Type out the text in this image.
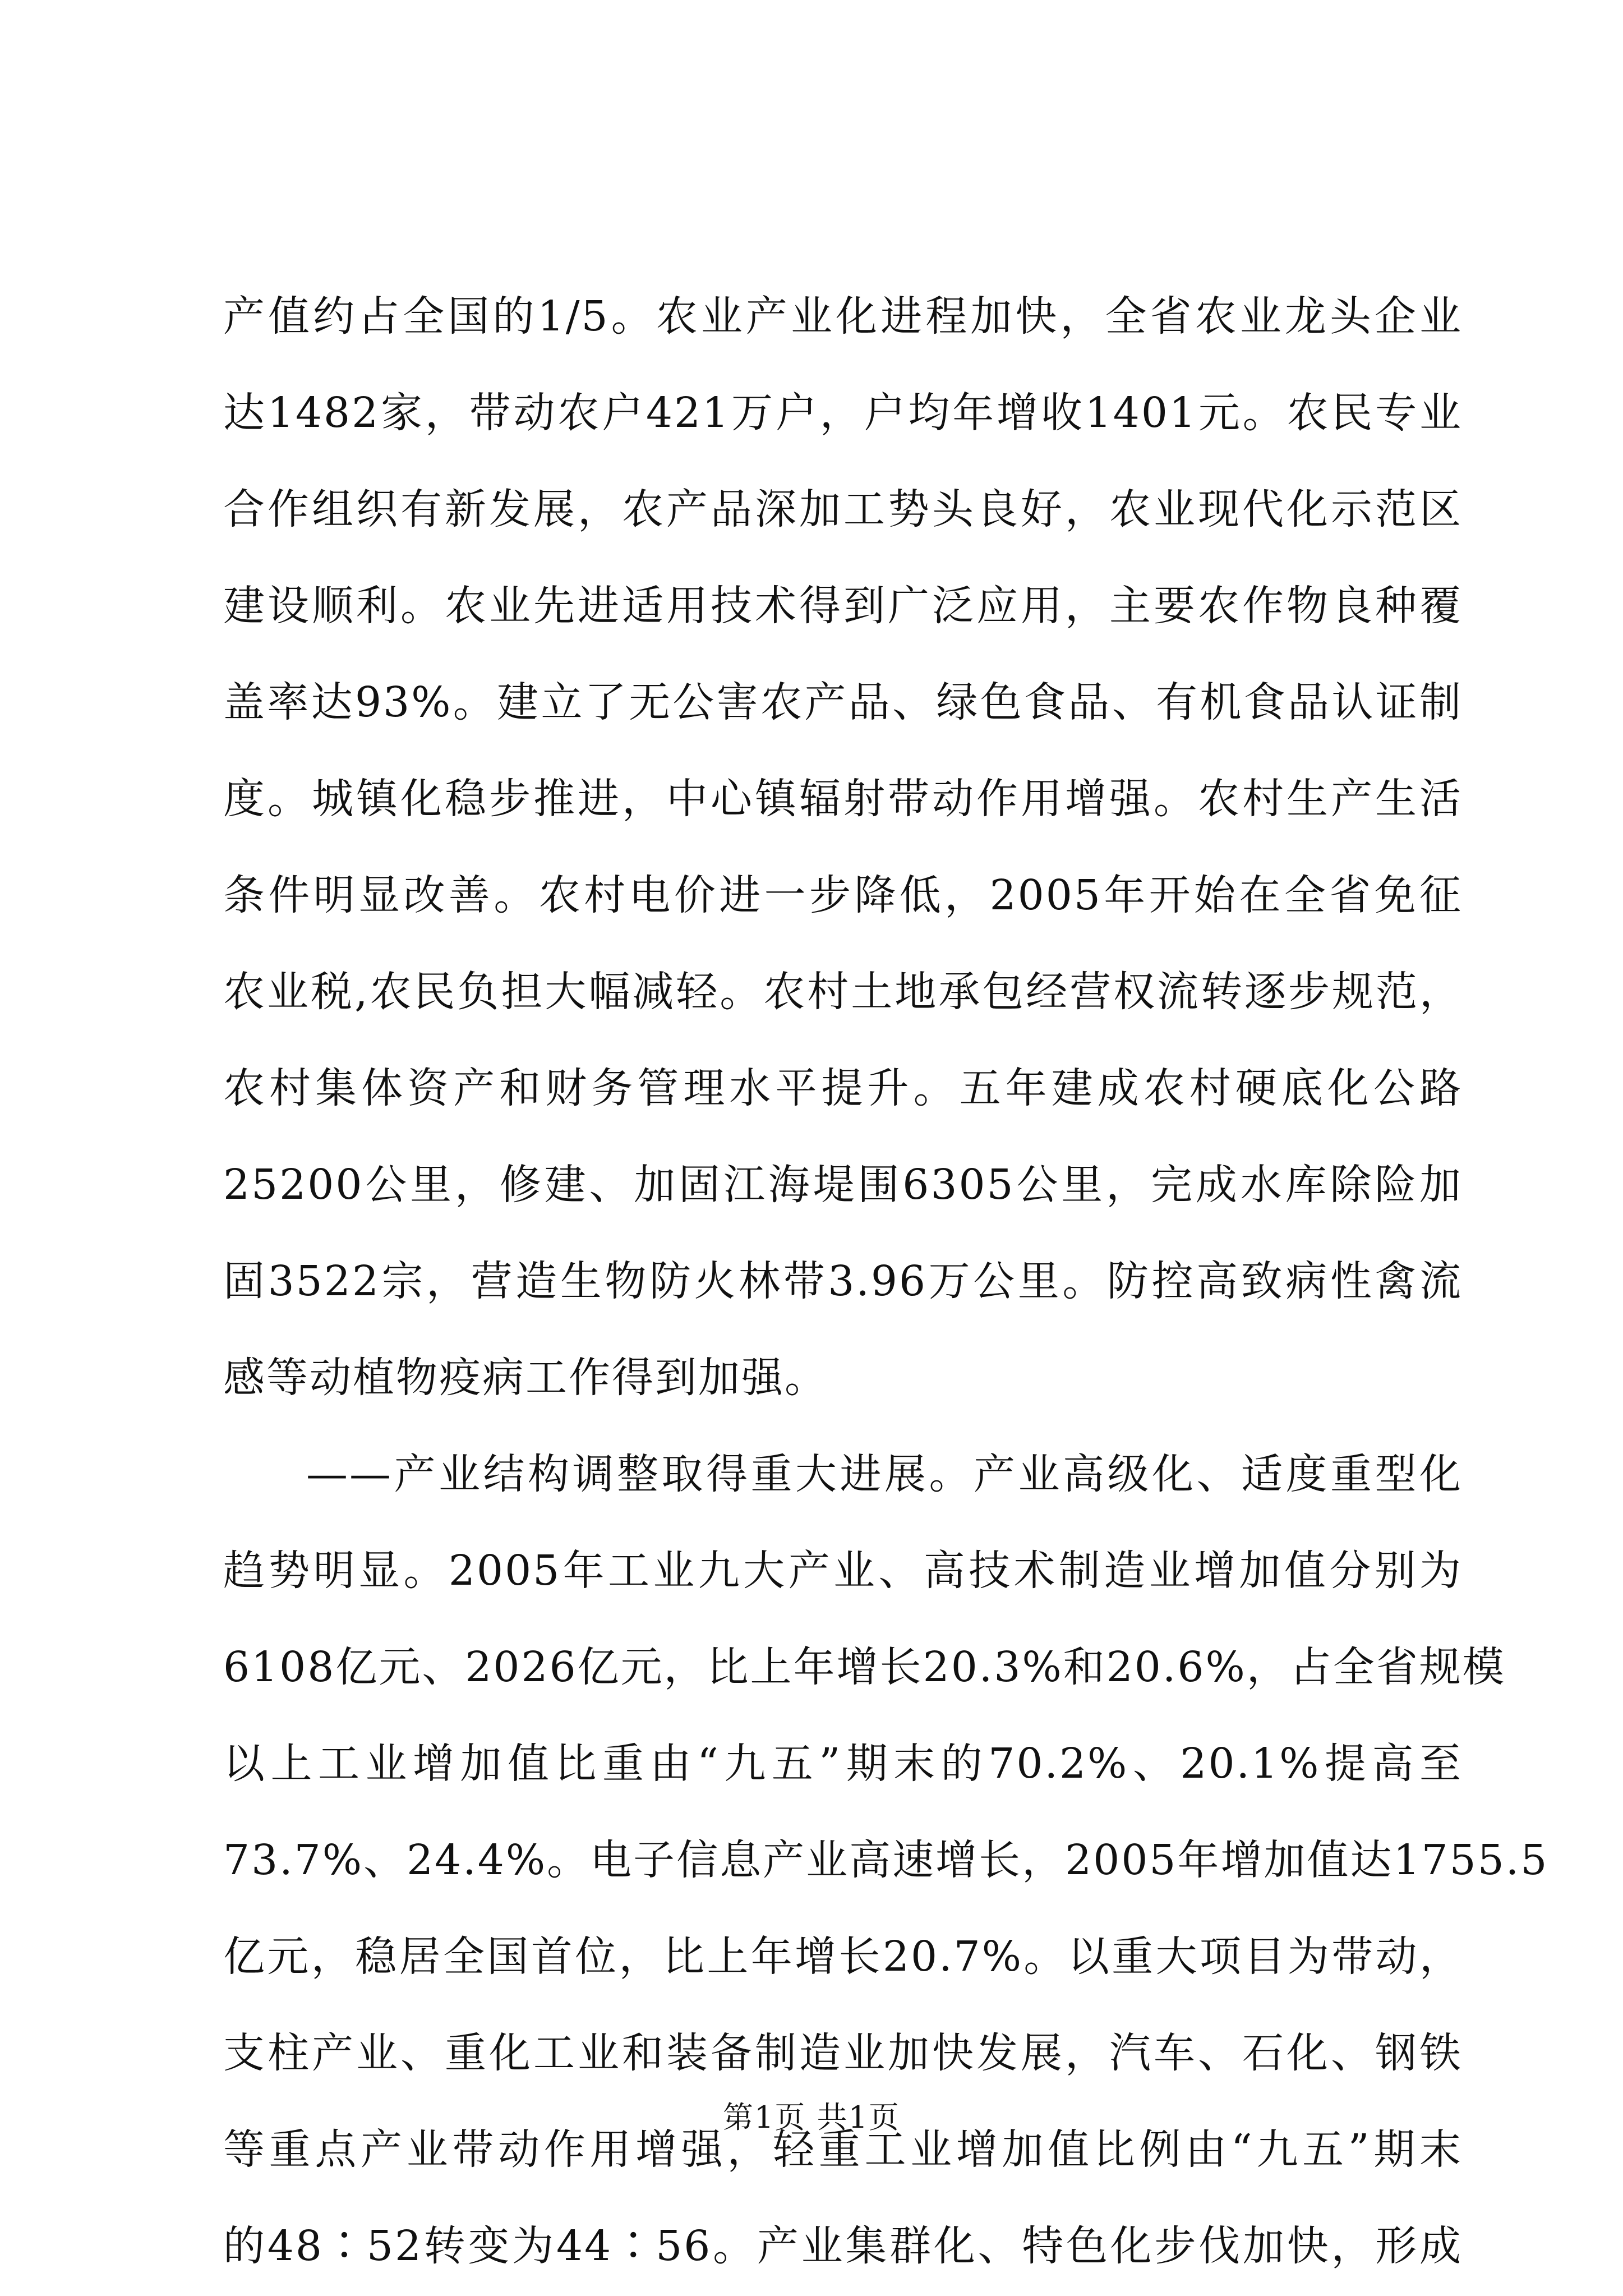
产值约占全国的1/5。农业产业化进程加快，全省农业龙头企业
达1482家，带动农户421万户，户均年增收1401元。农民专业
合作组织有新发展，农产品深加工势头良好，农业现代化示范区
建设顺利。农业先进适用技术得到广泛应用，主要农作物良种覆
盖率达93%。建立了无公害农产品、绿色食品、有机食品认证制
度。城镇化稳步推进，中心镇辐射带动作用增强。农村生产生活
条件明显改善。农村电价进一步降低，2005年开始在全省免征
农业税,农民负担大幅减轻。农村土地承包经营权流转逐步规范，
农村集体资产和财务管理水平提升。五年建成农村硬底化公路
25200公里，修建、加固江海堤围6305公里，完成水库除险加
固3522宗，营造生物防火林带3.96万公里。防控高致病性禽流
感等动植物疫病工作得到加强。
——产业结构调整取得重大进展。产业高级化、适度重型化
趋势明显。2005年工业九大产业、高技术制造业增加值分别为
6108亿元、2026亿元，比上年增长20.3%和20.6%，占全省规模
以上工业增加值比重由“九五”期末的70.2%、20.1%提高至
73.7%、24.4%。电子信息产业高速增长，2005年增加值达1755.5
亿元，稳居全国首位，比上年增长20.7%。以重大项目为带动，
支柱产业、重化工业和装备制造业加快发展，汽车、石化、钢铁
等重点产业带动作用增强，轻重工业增加值比例由“九五”期末
的48∶52转变为44∶56。产业集群化、特色化步伐加快，形成
第1页 共1页
